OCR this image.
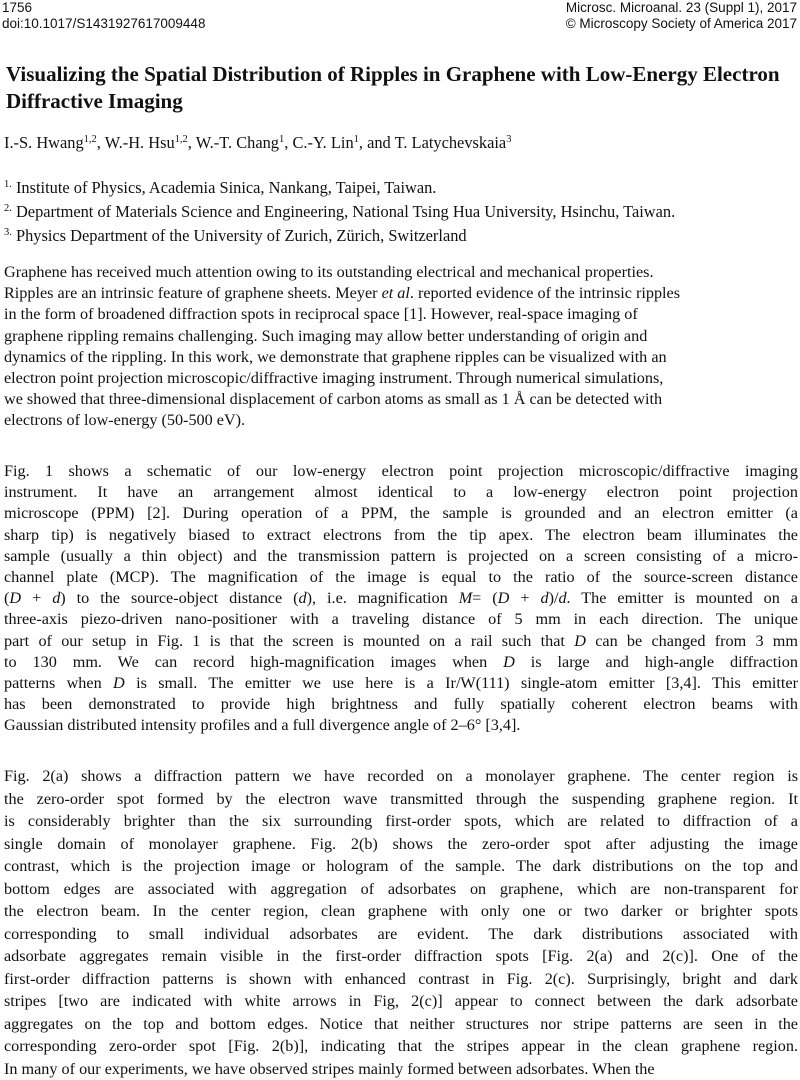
1756
doi:10.1017/S1431927617009448
Microsc. Microanal. 23 (Suppl 1), 2017
© Microscopy Society of America 2017
Visualizing the Spatial Distribution of Ripples in Graphene with Low-Energy Electron Diffractive Imaging
I.-S. Hwang$^{1,2}$, W.-H. Hsu$^{1,2}$, W.-T. Chang$^1$, C.-Y. Lin$^1$, and T. Latychevskaia$^3$
$^{1.}$ Institute of Physics, Academia Sinica, Nankang, Taipei, Taiwan.
$^{2.}$ Department of Materials Science and Engineering, National Tsing Hua University, Hsinchu, Taiwan.
$^{3.}$ Physics Department of the University of Zurich, Zürich, Switzerland
Graphene has received much attention owing to its outstanding electrical and mechanical properties.
Ripples are an intrinsic feature of graphene sheets. Meyer et al. reported evidence of the intrinsic ripples
in the form of broadened diffraction spots in reciprocal space [1]. However, real-space imaging of
graphene rippling remains challenging. Such imaging may allow better understanding of origin and
dynamics of the rippling. In this work, we demonstrate that graphene ripples can be visualized with an
electron point projection microscopic/diffractive imaging instrument. Through numerical simulations,
we showed that three-dimensional displacement of carbon atoms as small as 1 Å can be detected with
electrons of low-energy (50-500 eV).
Fig. 1 shows a schematic of our low-energy electron point projection microscopic/diffractive imaging
instrument. It have an arrangement almost identical to a low-energy electron point projection
microscope (PPM) [2]. During operation of a PPM, the sample is grounded and an electron emitter (a
sharp tip) is negatively biased to extract electrons from the tip apex. The electron beam illuminates the
sample (usually a thin object) and the transmission pattern is projected on a screen consisting of a micro-
channel plate (MCP). The magnification of the image is equal to the ratio of the source-screen distance
(D + d) to the source-object distance (d), i.e. magnification M= (D + d)/d. The emitter is mounted on a
three-axis piezo-driven nano-positioner with a traveling distance of 5 mm in each direction. The unique
part of our setup in Fig. 1 is that the screen is mounted on a rail such that D can be changed from 3 mm
to 130 mm. We can record high-magnification images when D is large and high-angle diffraction
patterns when D is small. The emitter we use here is a Ir/W(111) single-atom emitter [3,4]. This emitter
has been demonstrated to provide high brightness and fully spatially coherent electron beams with
Gaussian distributed intensity profiles and a full divergence angle of 2–6° [3,4].
Fig. 2(a) shows a diffraction pattern we have recorded on a monolayer graphene. The center region is
the zero-order spot formed by the electron wave transmitted through the suspending graphene region. It
is considerably brighter than the six surrounding first-order spots, which are related to diffraction of a
single domain of monolayer graphene. Fig. 2(b) shows the zero-order spot after adjusting the image
contrast, which is the projection image or hologram of the sample. The dark distributions on the top and
bottom edges are associated with aggregation of adsorbates on graphene, which are non-transparent for
the electron beam. In the center region, clean graphene with only one or two darker or brighter spots
corresponding to small individual adsorbates are evident. The dark distributions associated with
adsorbate aggregates remain visible in the first-order diffraction spots [Fig. 2(a) and 2(c)]. One of the
first-order diffraction patterns is shown with enhanced contrast in Fig. 2(c). Surprisingly, bright and dark
stripes [two are indicated with white arrows in Fig, 2(c)] appear to connect between the dark adsorbate
aggregates on the top and bottom edges. Notice that neither structures nor stripe patterns are seen in the
corresponding zero-order spot [Fig. 2(b)], indicating that the stripes appear in the clean graphene region.
In many of our experiments, we have observed stripes mainly formed between adsorbates. When the
